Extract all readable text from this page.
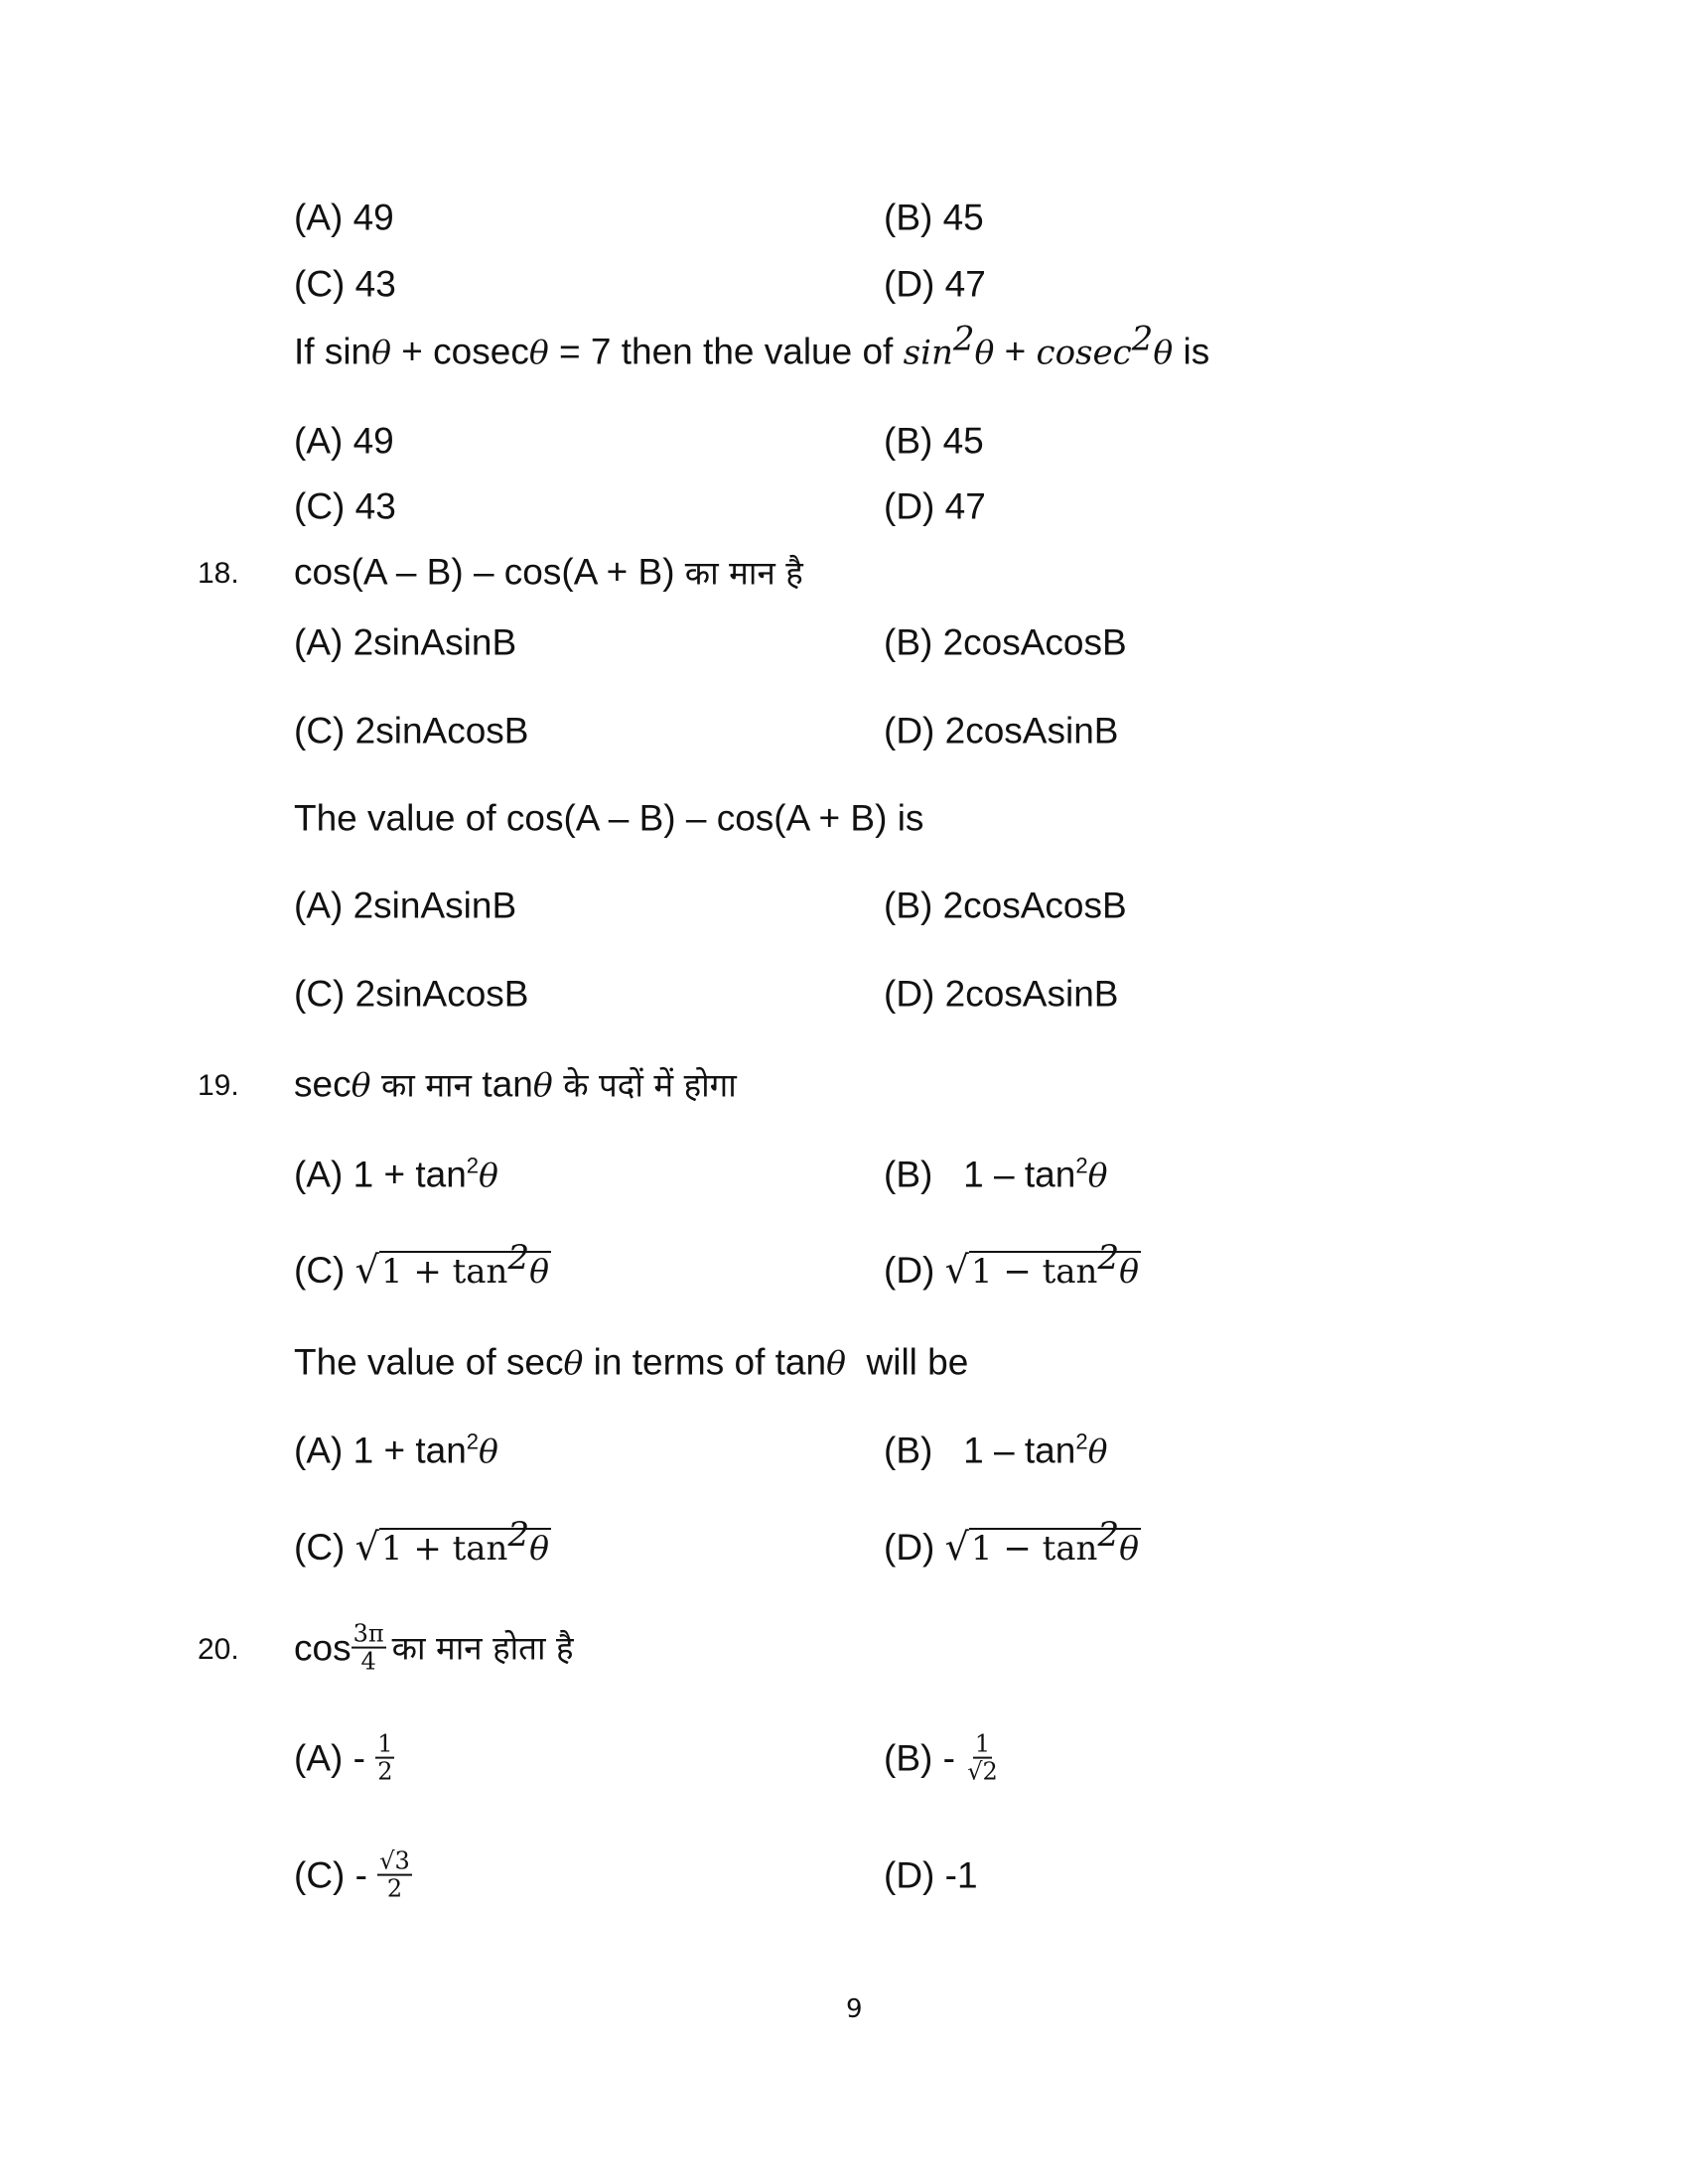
(A) 49	(B) 45
(C) 43	(D) 47
If sinθ + cosecθ = 7 then the value of $\sin^2\theta + cosec^2\theta$ is
(A) 49	(B) 45
(C) 43	(D) 47
18. cos(A – B) – cos(A + B) का मान है
(A) 2sinAsinB	(B) 2cosAcosB
(C) 2sinAcosB	(D) 2cosAsinB
The value of cos(A – B) – cos(A + B) is
(A) 2sinAsinB	(B) 2cosAcosB
(C) 2sinAcosB	(D) 2cosAsinB
19. secθ का मान tanθ के पदों में होगा
(A) $1 + \tan^2\theta$	(B)   $1 - \tan^2\theta$
(C) √ $1 + \tan^2\theta$	(D) √ $1 - \tan^2\theta$
The value of secθ in terms of tanθ  will be
(A) $1 + \tan^2\theta$	(B)   $1 - \tan^2\theta$
(C) √ $1 + \tan^2\theta$	(D) √ $1 - \tan^2\theta$
20. $\cos \frac{3\pi}{4}$ का मान होता है
$(A) - \frac{1}{2}$	$(B) - \frac{1}{√2}$
$(C) - \frac{√3}{2}$	(D) -1
9
